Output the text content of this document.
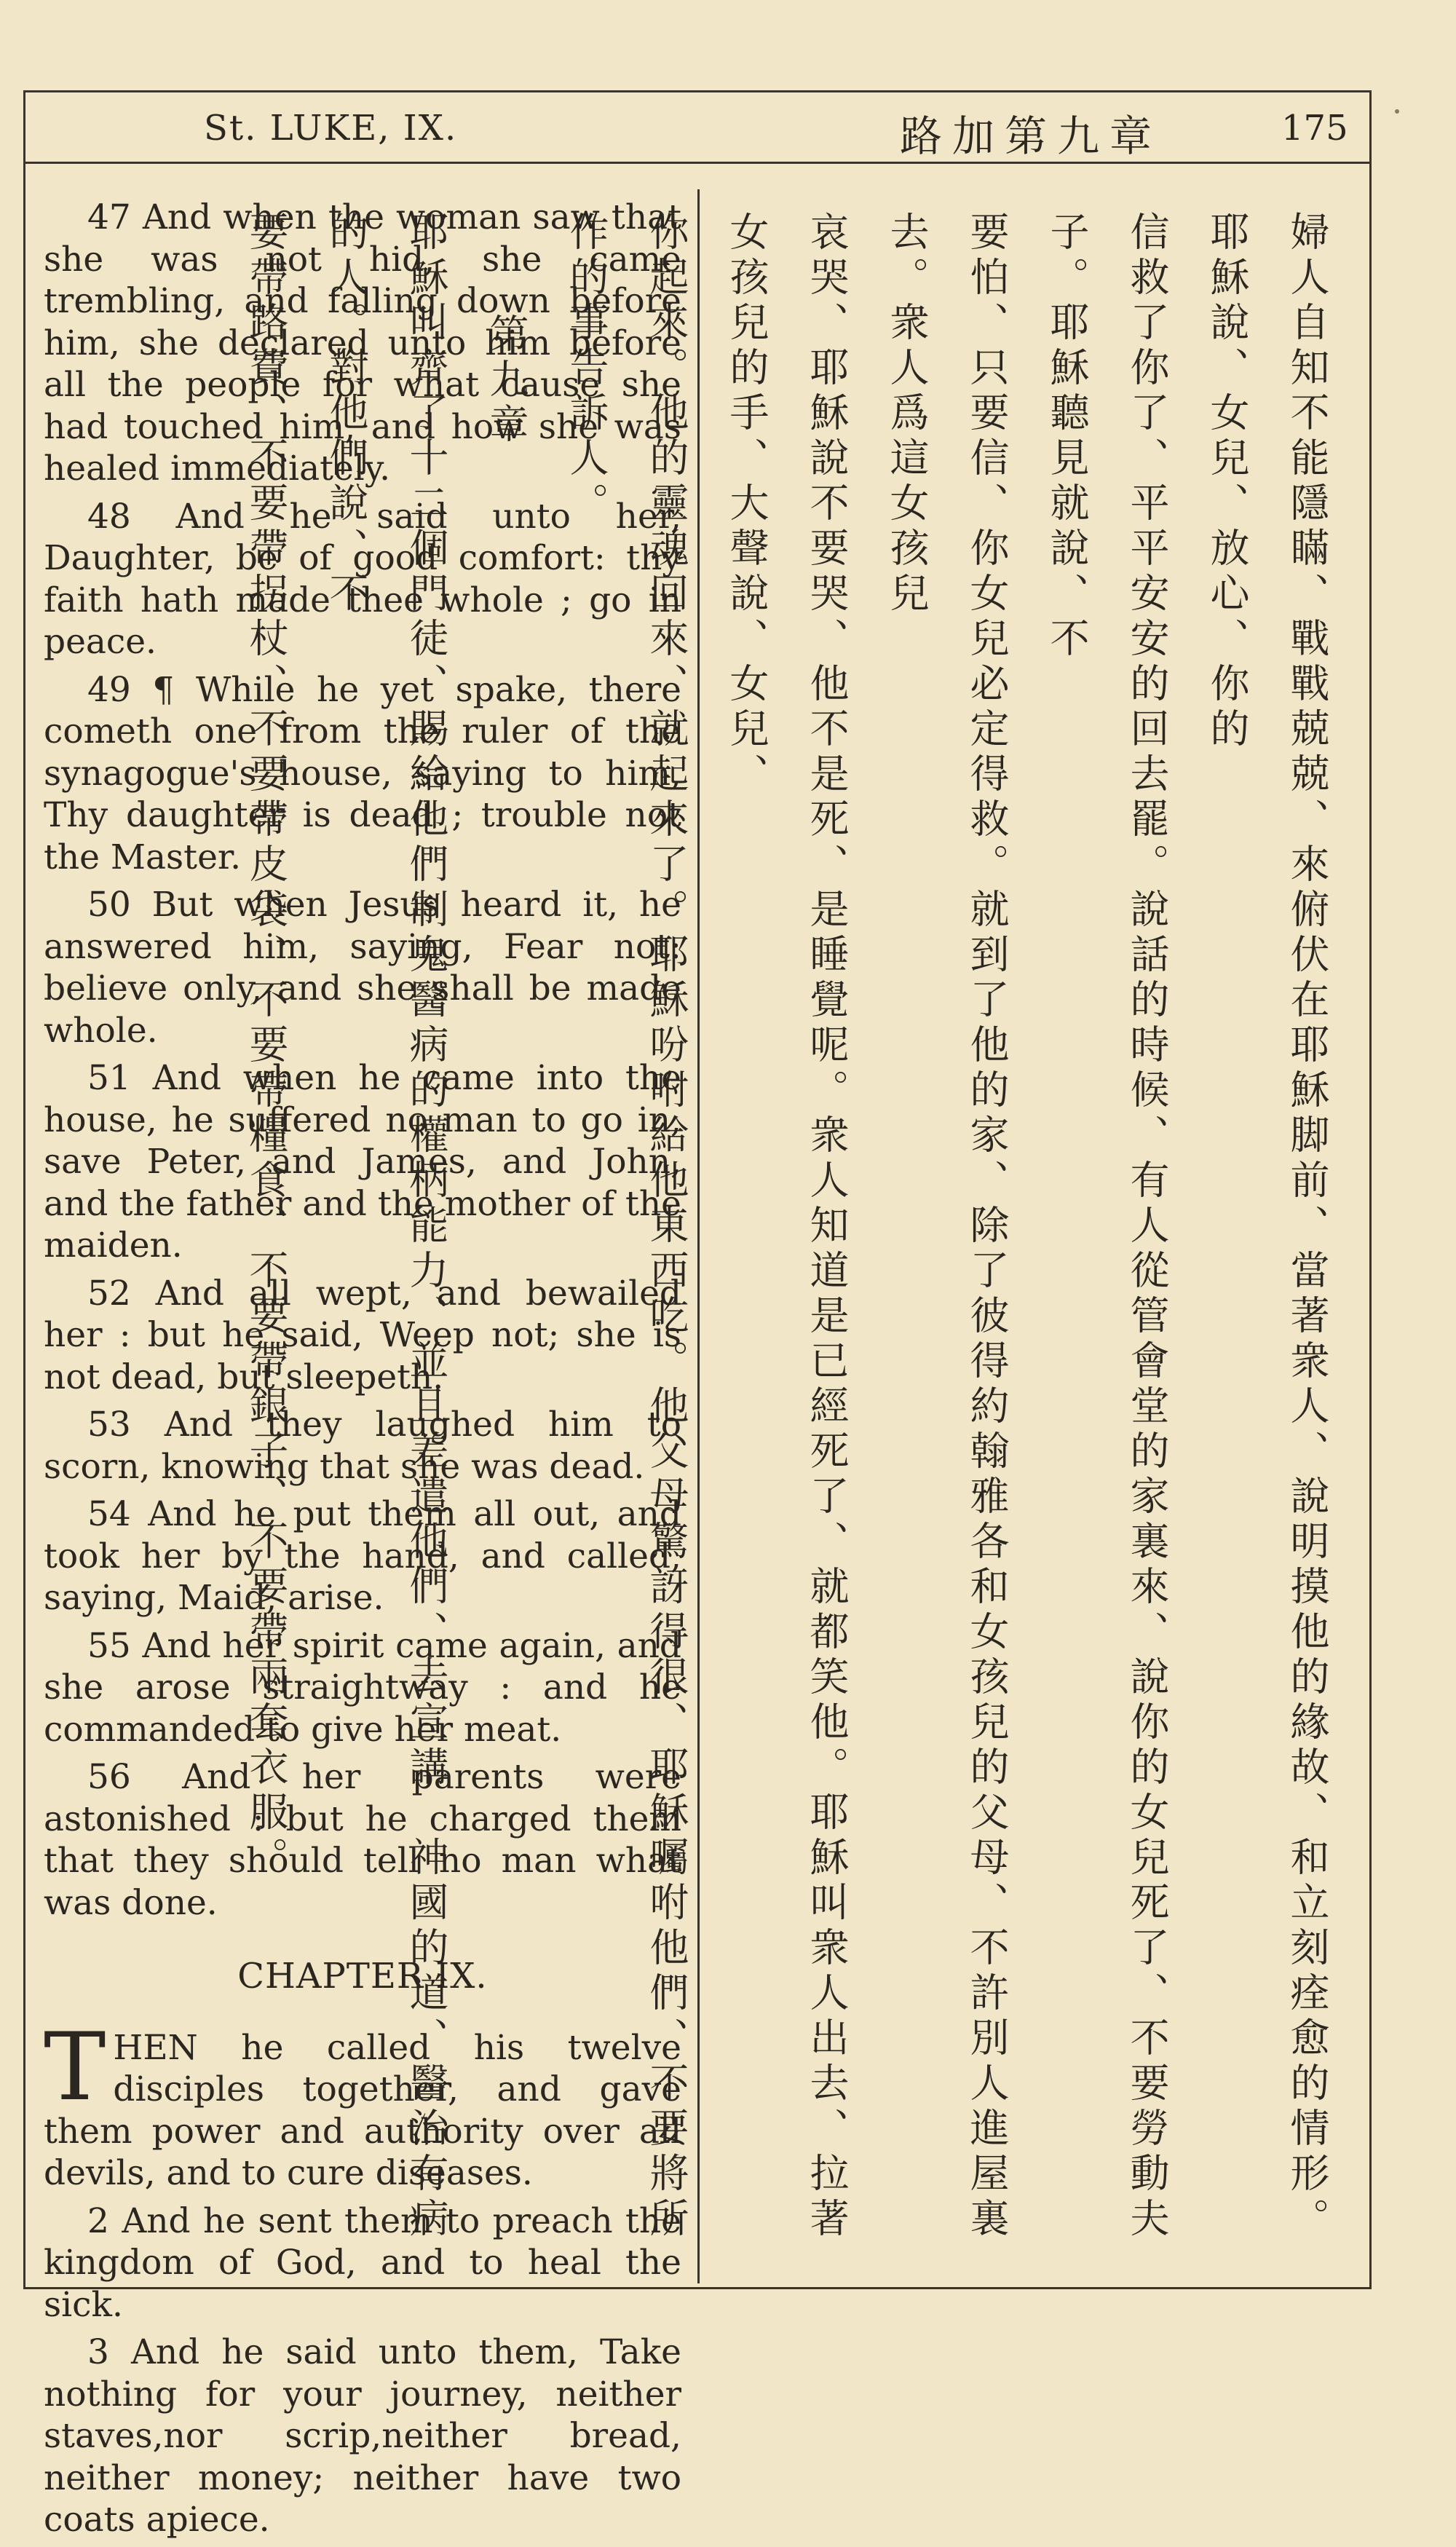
St. LUKE, IX.	路加第九章	175

47 And when the woman saw that she was not hid, she came trembling, and falling down before him, she declared unto him before all the people for what cause she had touched him, and how she was healed immediately.

48 And he said unto her, Daughter, be of good comfort: thy faith hath made thee whole ; go in peace.

49 ¶ While he yet spake, there cometh one from the ruler of the synagogue's house, saying to him, Thy daughter is dead ; trouble not the Master.

50 But when Jesus heard it, he answered him, saying, Fear not: believe only, and she shall be made whole.

51 And when he came into the house, he suffered no man to go in, save Peter, and James, and John, and the father and the mother of the maiden.

52 And all wept, and bewailed her : but he said, Weep not; she is not dead, but sleepeth.

53 And they laughed him to scorn, knowing that she was dead.

54 And he put them all out, and took her by the hand, and called, saying, Maid, arise.

55 And her spirit came again, and she arose straightway : and he commanded to give her meat.

56 And her parents were astonished : but he charged them that they should tell no man what was done.

CHAPTER IX.

THEN he called his twelve disciples together, and gave them power and authority over all devils, and to cure diseases.

2 And he sent them to preach the kingdom of God, and to heal the sick.

3 And he said unto them, Take nothing for your journey, neither staves,nor scrip,neither bread, neither money; neither have two coats apiece.

婦人自知不能隱瞞、戰戰兢兢、來俯伏在耶穌脚前、當著衆人、說明摸他的緣故、和立刻痊愈的情形。耶穌說、女兒、放心、你的
信救了你了、平平安安的回去罷。說話的時候、有人從管會堂的家裏來、說你的女兒死了、不要勞動夫子。耶穌聽見就說、不
要怕、只要信、你女兒必定得救。就到了他的家、除了彼得約翰雅各和女孩兒的父母、不許別人進屋裏去。衆人爲這女孩兒
哀哭、耶穌說不要哭、他不是死、是睡覺呢。衆人知道是已經死了、就都笑他。耶穌叫衆人出去、拉著女孩兒的手、大聲說、女兒、
你起來。他的靈魂回來、就起來了。耶穌吩咐給他東西吃。他父母驚訝得很、耶穌囑咐他們、不要將所作的事告訴人。
第九章
耶穌叫齊了十二個門徒、賜給他們制鬼醫病的權柄能力、並且差遣他們、去宣講　神國的道、醫治有病的人。對他們說、不
要帶路費、不要帶拐杖、不要帶皮袋、不要帶糧食、不要帶銀子、不要帶兩套衣服。
